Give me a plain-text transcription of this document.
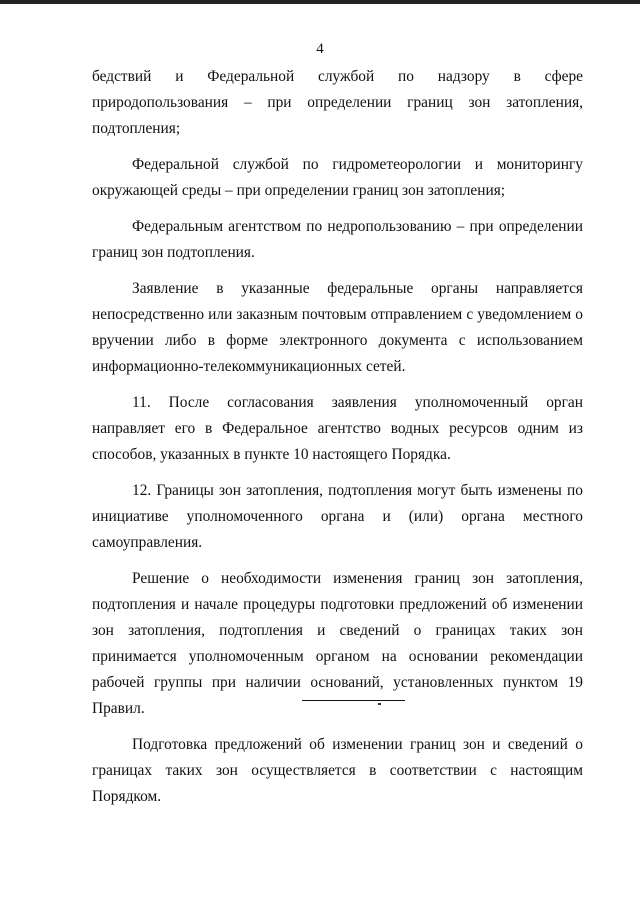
4

бедствий и Федеральной службой по надзору в сфере природопользования – при определении границ зон затопления, подтопления;

Федеральной службой по гидрометеорологии и мониторингу окружающей среды – при определении границ зон затопления;

Федеральным агентством по недропользованию – при определении границ зон подтопления.

Заявление в указанные федеральные органы направляется непосредственно или заказным почтовым отправлением с уведомлением о вручении либо в форме электронного документа с использованием информационно-телекоммуникационных сетей.

11. После согласования заявления уполномоченный орган направляет его в Федеральное агентство водных ресурсов одним из способов, указанных в пункте 10 настоящего Порядка.

12. Границы зон затопления, подтопления могут быть изменены по инициативе уполномоченного органа и (или) органа местного самоуправления.

Решение о необходимости изменения границ зон затопления, подтопления и начале процедуры подготовки предложений об изменении зон затопления, подтопления и сведений о границах таких зон принимается уполномоченным органом на основании рекомендации рабочей группы при наличии оснований, установленных пунктом 19 Правил.

Подготовка предложений об изменении границ зон и сведений о границах таких зон осуществляется в соответствии с настоящим Порядком.
